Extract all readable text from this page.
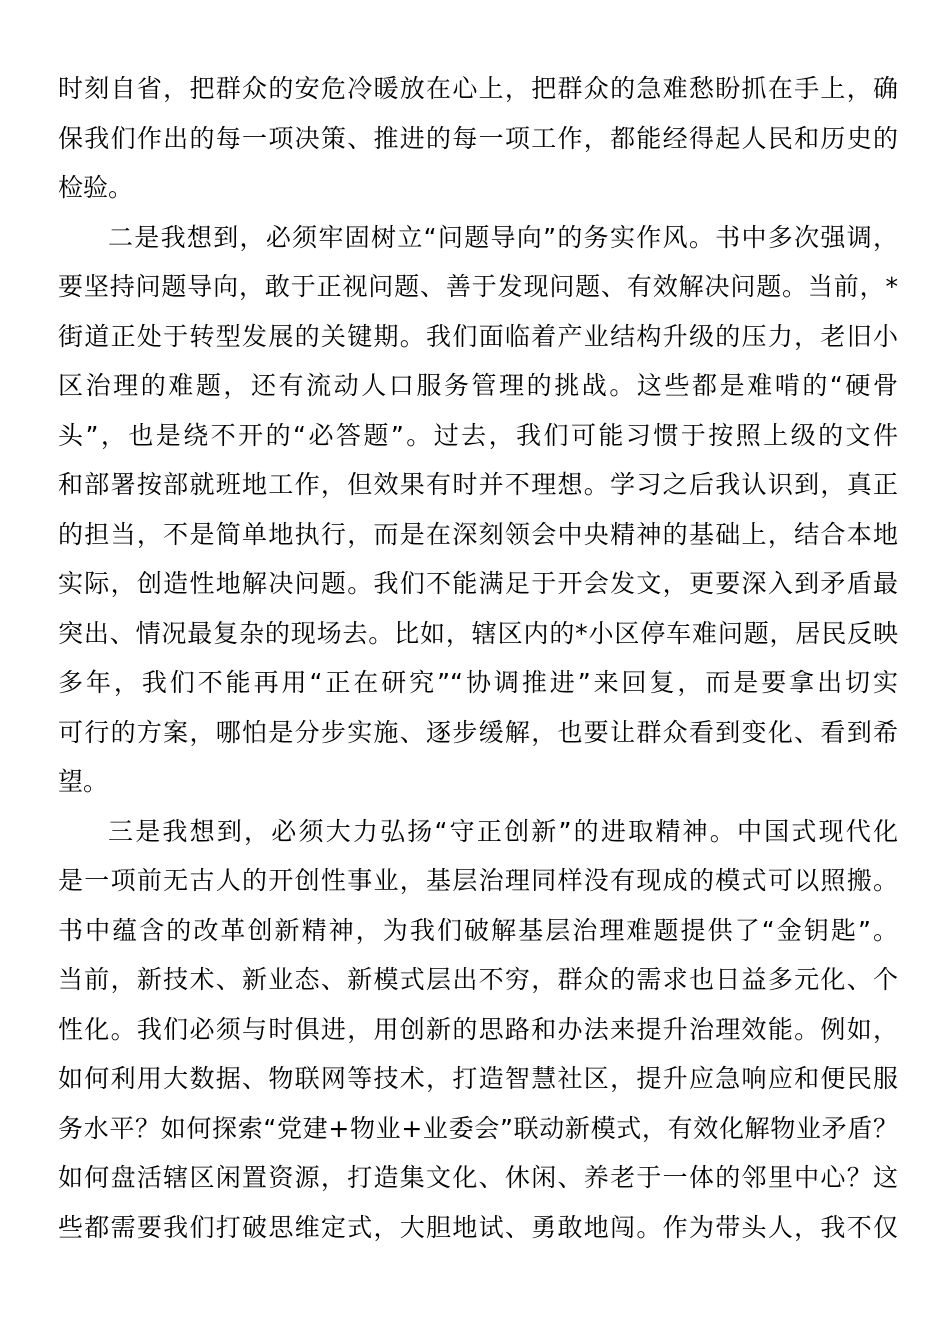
时刻自省，把群众的安危冷暖放在心上，把群众的急难愁盼抓在手上，确
保我们作出的每一项决策、推进的每一项工作，都能经得起人民和历史的
检验。
二是我想到，必须牢固树立“问题导向”的务实作风。书中多次强调，
要坚持问题导向，敢于正视问题、善于发现问题、有效解决问题。当前，*
街道正处于转型发展的关键期。我们面临着产业结构升级的压力，老旧小
区治理的难题，还有流动人口服务管理的挑战。这些都是难啃的“硬骨
头”，也是绕不开的“必答题”。过去，我们可能习惯于按照上级的文件
和部署按部就班地工作，但效果有时并不理想。学习之后我认识到，真正
的担当，不是简单地执行，而是在深刻领会中央精神的基础上，结合本地
实际，创造性地解决问题。我们不能满足于开会发文，更要深入到矛盾最
突出、情况最复杂的现场去。比如，辖区内的*小区停车难问题，居民反映
多年，我们不能再用“正在研究”“协调推进”来回复，而是要拿出切实
可行的方案，哪怕是分步实施、逐步缓解，也要让群众看到变化、看到希
望。
三是我想到，必须大力弘扬“守正创新”的进取精神。中国式现代化
是一项前无古人的开创性事业，基层治理同样没有现成的模式可以照搬。
书中蕴含的改革创新精神，为我们破解基层治理难题提供了“金钥匙”。
当前，新技术、新业态、新模式层出不穷，群众的需求也日益多元化、个
性化。我们必须与时俱进，用创新的思路和办法来提升治理效能。例如，
如何利用大数据、物联网等技术，打造智慧社区，提升应急响应和便民服
务水平？如何探索“党建+物业+业委会”联动新模式，有效化解物业矛盾？
如何盘活辖区闲置资源，打造集文化、休闲、养老于一体的邻里中心？这
些都需要我们打破思维定式，大胆地试、勇敢地闯。作为带头人，我不仅
